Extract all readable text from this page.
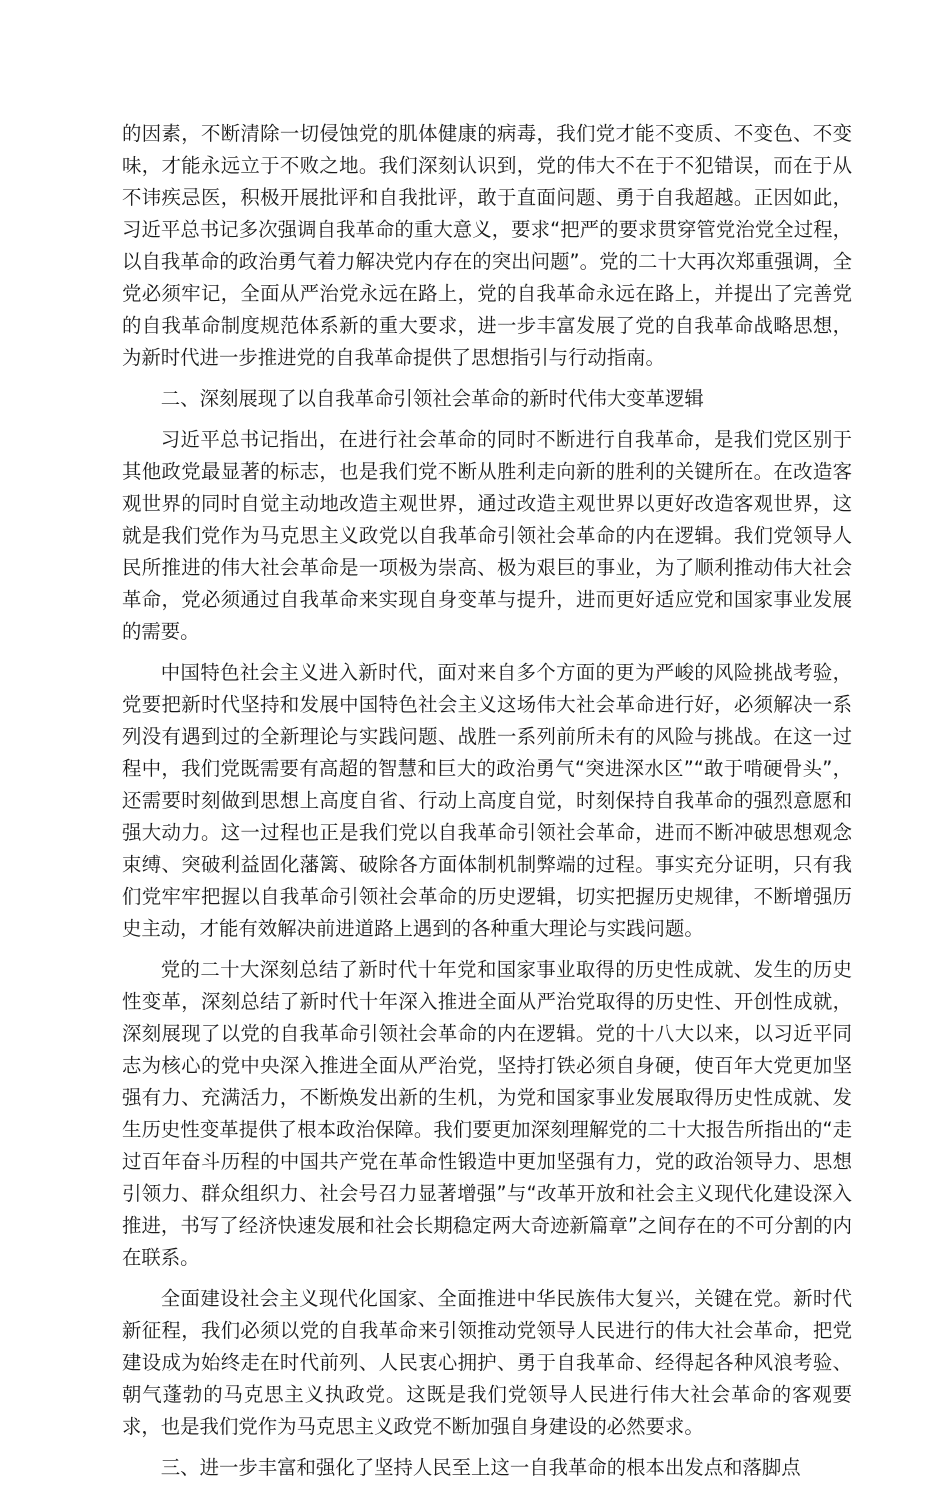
的因素，不断清除一切侵蚀党的肌体健康的病毒，我们党才能不变质、不变色、不变味，才能永远立于不败之地。我们深刻认识到，党的伟大不在于不犯错误，而在于从不讳疾忌医，积极开展批评和自我批评，敢于直面问题、勇于自我超越。正因如此，习近平总书记多次强调自我革命的重大意义，要求“把严的要求贯穿管党治党全过程，以自我革命的政治勇气着力解决党内存在的突出问题”。党的二十大再次郑重强调，全党必须牢记，全面从严治党永远在路上，党的自我革命永远在路上，并提出了完善党的自我革命制度规范体系新的重大要求，进一步丰富发展了党的自我革命战略思想，为新时代进一步推进党的自我革命提供了思想指引与行动指南。

二、深刻展现了以自我革命引领社会革命的新时代伟大变革逻辑

习近平总书记指出，在进行社会革命的同时不断进行自我革命，是我们党区别于其他政党最显著的标志，也是我们党不断从胜利走向新的胜利的关键所在。在改造客观世界的同时自觉主动地改造主观世界，通过改造主观世界以更好改造客观世界，这就是我们党作为马克思主义政党以自我革命引领社会革命的内在逻辑。我们党领导人民所推进的伟大社会革命是一项极为崇高、极为艰巨的事业，为了顺利推动伟大社会革命，党必须通过自我革命来实现自身变革与提升，进而更好适应党和国家事业发展的需要。

中国特色社会主义进入新时代，面对来自多个方面的更为严峻的风险挑战考验，党要把新时代坚持和发展中国特色社会主义这场伟大社会革命进行好，必须解决一系列没有遇到过的全新理论与实践问题、战胜一系列前所未有的风险与挑战。在这一过程中，我们党既需要有高超的智慧和巨大的政治勇气“突进深水区”“敢于啃硬骨头”，还需要时刻做到思想上高度自省、行动上高度自觉，时刻保持自我革命的强烈意愿和强大动力。这一过程也正是我们党以自我革命引领社会革命，进而不断冲破思想观念束缚、突破利益固化藩篱、破除各方面体制机制弊端的过程。事实充分证明，只有我们党牢牢把握以自我革命引领社会革命的历史逻辑，切实把握历史规律，不断增强历史主动，才能有效解决前进道路上遇到的各种重大理论与实践问题。

党的二十大深刻总结了新时代十年党和国家事业取得的历史性成就、发生的历史性变革，深刻总结了新时代十年深入推进全面从严治党取得的历史性、开创性成就，深刻展现了以党的自我革命引领社会革命的内在逻辑。党的十八大以来，以习近平同志为核心的党中央深入推进全面从严治党，坚持打铁必须自身硬，使百年大党更加坚强有力、充满活力，不断焕发出新的生机，为党和国家事业发展取得历史性成就、发生历史性变革提供了根本政治保障。我们要更加深刻理解党的二十大报告所指出的“走过百年奋斗历程的中国共产党在革命性锻造中更加坚强有力，党的政治领导力、思想引领力、群众组织力、社会号召力显著增强”与“改革开放和社会主义现代化建设深入推进，书写了经济快速发展和社会长期稳定两大奇迹新篇章”之间存在的不可分割的内在联系。

全面建设社会主义现代化国家、全面推进中华民族伟大复兴，关键在党。新时代新征程，我们必须以党的自我革命来引领推动党领导人民进行的伟大社会革命，把党建设成为始终走在时代前列、人民衷心拥护、勇于自我革命、经得起各种风浪考验、朝气蓬勃的马克思主义执政党。这既是我们党领导人民进行伟大社会革命的客观要求，也是我们党作为马克思主义政党不断加强自身建设的必然要求。

三、进一步丰富和强化了坚持人民至上这一自我革命的根本出发点和落脚点
